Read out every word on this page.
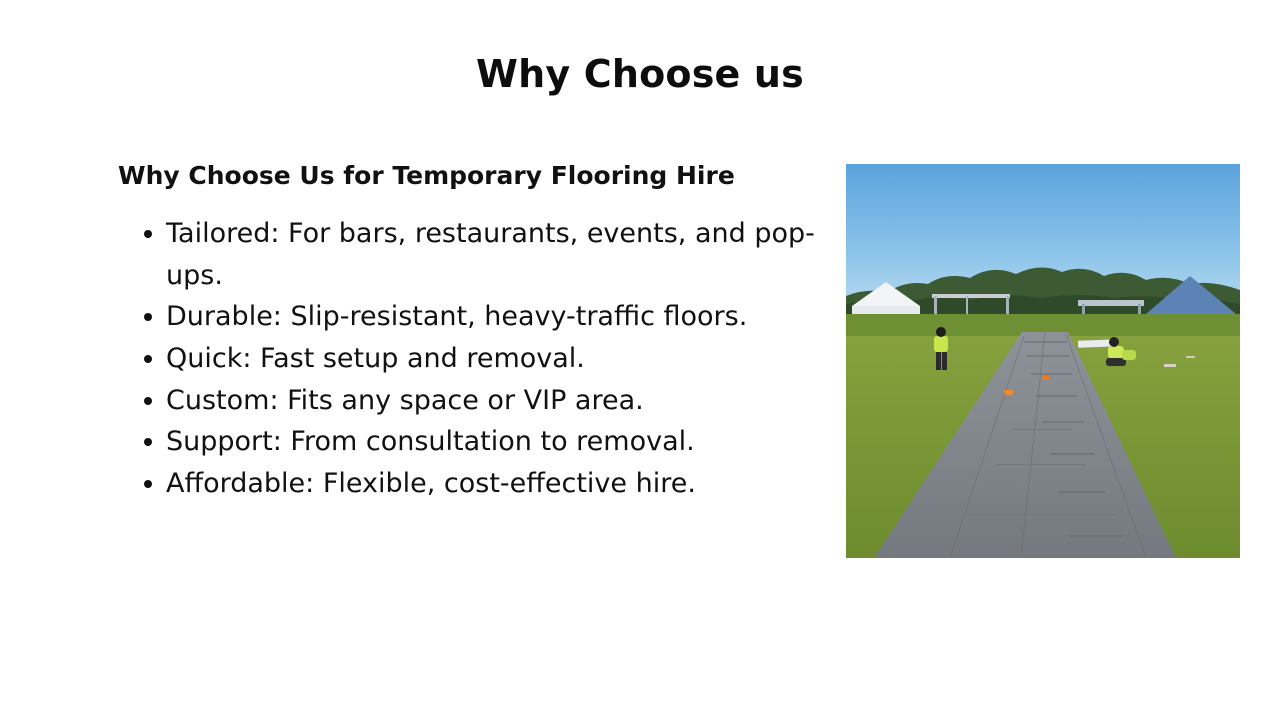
Why Choose us
Why Choose Us for Temporary Flooring Hire
Tailored: For bars, restaurants, events, and pop-ups.
Durable: Slip-resistant, heavy-traffic floors.
Quick: Fast setup and removal.
Custom: Fits any space or VIP area.
Support: From consultation to removal.
Affordable: Flexible, cost-effective hire.
